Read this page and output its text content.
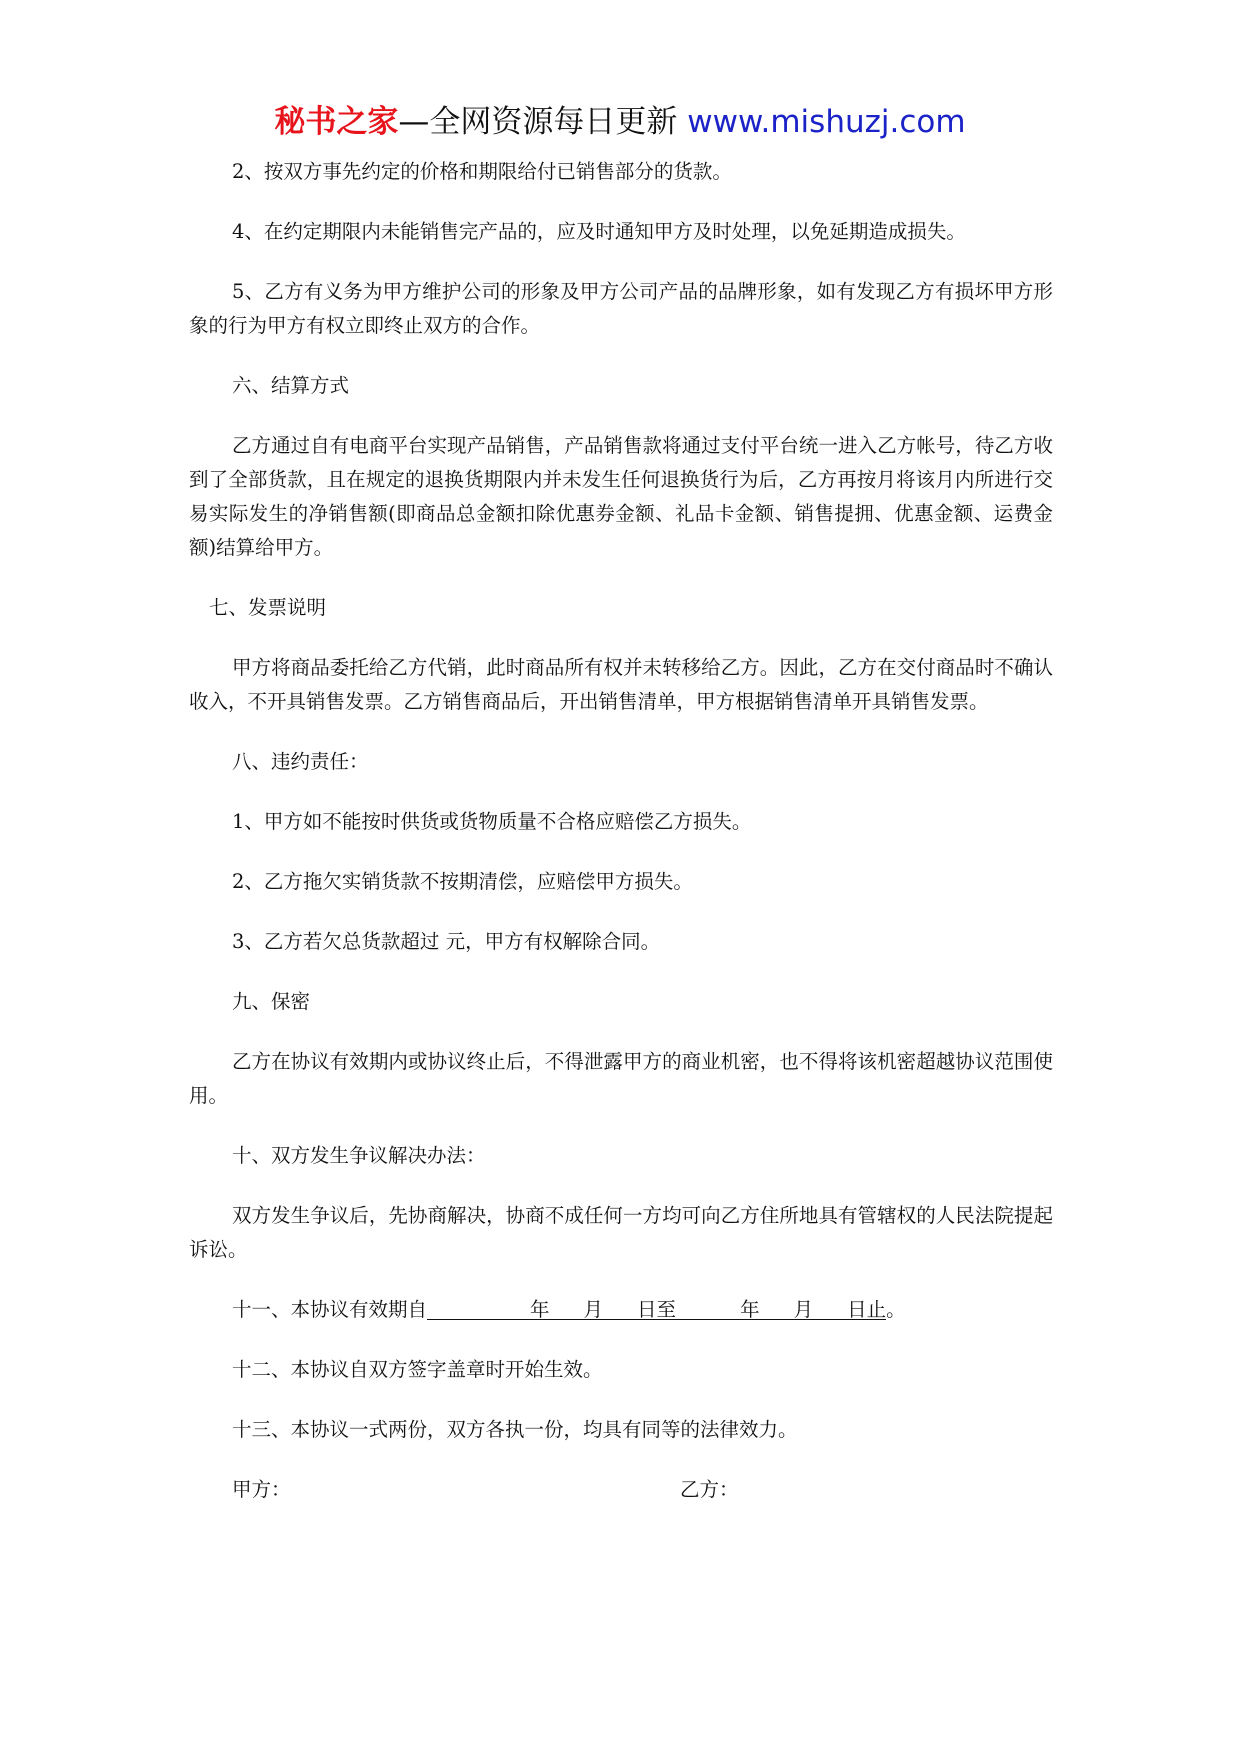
秘书之家—全网资源每日更新 www.mishuzj.com

2、按双方事先约定的价格和期限给付已销售部分的货款。

4、在约定期限内未能销售完产品的，应及时通知甲方及时处理，以免延期造成损失。

5、乙方有义务为甲方维护公司的形象及甲方公司产品的品牌形象，如有发现乙方有损坏甲方形象的行为甲方有权立即终止双方的合作。

六、结算方式

乙方通过自有电商平台实现产品销售，产品销售款将通过支付平台统一进入乙方帐号，待乙方收到了全部货款，且在规定的退换货期限内并未发生任何退换货行为后，乙方再按月将该月内所进行交易实际发生的净销售额(即商品总金额扣除优惠券金额、礼品卡金额、销售提拥、优惠金额、运费金额)结算给甲方。

七、发票说明

甲方将商品委托给乙方代销，此时商品所有权并未转移给乙方。因此，乙方在交付商品时不确认收入，不开具销售发票。乙方销售商品后，开出销售清单，甲方根据销售清单开具销售发票。

八、违约责任：

1、甲方如不能按时供货或货物质量不合格应赔偿乙方损失。

2、乙方拖欠实销货款不按期清偿，应赔偿甲方损失。

3、乙方若欠总货款超过 元，甲方有权解除合同。

九、保密

乙方在协议有效期内或协议终止后，不得泄露甲方的商业机密，也不得将该机密超越协议范围使用。

十、双方发生争议解决办法：

双方发生争议后，先协商解决，协商不成任何一方均可向乙方住所地具有管辖权的人民法院提起诉讼。

十一、本协议有效期自	年 月 日至	年 月 日止。

十二、本协议自双方签字盖章时开始生效。

十三、本协议一式两份，双方各执一份，均具有同等的法律效力。

甲方：	乙方：
